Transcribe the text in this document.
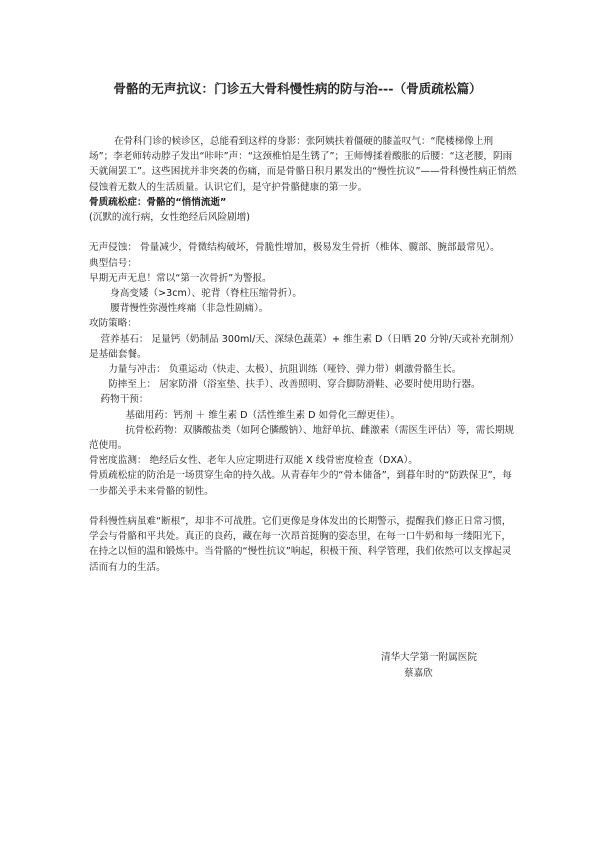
骨骼的无声抗议：门诊五大骨科慢性病的防与治---（骨质疏松篇）

在骨科门诊的候诊区，总能看到这样的身影：张阿姨扶着僵硬的膝盖叹气：“爬楼梯像上刑场”；李老师转动脖子发出“咔咔”声：“这颈椎怕是生锈了”；王师傅揉着酸胀的后腰：“这老腰，阴雨天就闹罢工”。这些困扰并非突袭的伤痛，而是骨骼日积月累发出的“慢性抗议”——骨科慢性病正悄然侵蚀着无数人的生活质量。认识它们，是守护骨骼健康的第一步。

骨质疏松症：骨骼的“悄悄流逝”

(沉默的流行病，女性绝经后风险剧增)

无声侵蚀： 骨量减少，骨微结构破坏，骨脆性增加，极易发生骨折（椎体、髋部、腕部最常见）。

典型信号：

早期无声无息！常以“第一次骨折”为警报。

身高变矮（>3cm）、驼背（脊柱压缩骨折）。

腰背慢性弥漫性疼痛（非急性剧痛）。

攻防策略：

营养基石： 足量钙（奶制品 300ml/天、深绿色蔬菜）+ 维生素 D（日晒 20 分钟/天或补充制剂）是基础套餐。

力量与冲击： 负重运动（快走、太极）、抗阻训练（哑铃、弹力带）刺激骨骼生长。

防摔至上： 居家防滑（浴室垫、扶手）、改善照明、穿合脚防滑鞋、必要时使用助行器。

药物干预：

基础用药：钙剂 ＋ 维生素 D（活性维生素 D 如骨化三醇更佳）。

抗骨松药物：双膦酸盐类（如阿仑膦酸钠）、地舒单抗、雌激素（需医生评估）等，需长期规范使用。

骨密度监测： 绝经后女性、老年人应定期进行双能 X 线骨密度检查（DXA）。

骨质疏松症的防治是一场贯穿生命的持久战。从青春年少的“骨本储备”，到暮年时的“防跌保卫”，每一步都关乎未来骨骼的韧性。

骨科慢性病虽难“断根”，却非不可战胜。它们更像是身体发出的长期警示，提醒我们修正日常习惯，学会与骨骼和平共处。真正的良药，藏在每一次昂首挺胸的姿态里，在每一口牛奶和每一缕阳光下，在持之以恒的温和锻炼中。当骨骼的“慢性抗议”响起，积极干预、科学管理，我们依然可以支撑起灵活而有力的生活。

清华大学第一附属医院
蔡嘉欣
